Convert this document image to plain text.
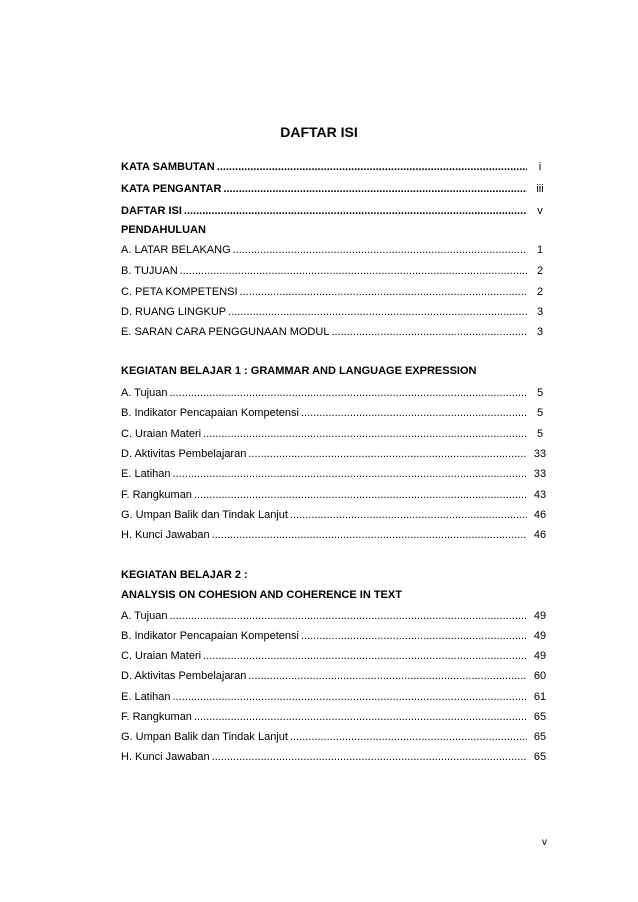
DAFTAR ISI
KATA SAMBUTAN .....	i
KATA PENGANTAR .....	iii
DAFTAR ISI .....	v
PENDAHULUAN
A. LATAR BELAKANG .....	1
B. TUJUAN .....	2
C. PETA KOMPETENSI .....	2
D. RUANG LINGKUP .....	3
E. SARAN CARA PENGGUNAAN MODUL .....	3
KEGIATAN BELAJAR 1 : GRAMMAR AND LANGUAGE EXPRESSION
A. Tujuan .....	5
B. Indikator Pencapaian Kompetensi .....	5
C. Uraian Materi .....	5
D. Aktivitas Pembelajaran .....	33
E. Latihan .....	33
F. Rangkuman .....	43
G. Umpan Balik dan Tindak Lanjut .....	46
H. Kunci Jawaban .....	46
KEGIATAN BELAJAR 2 :
ANALYSIS ON COHESION AND COHERENCE IN TEXT
A. Tujuan .....	49
B. Indikator Pencapaian Kompetensi .....	49
C. Uraian Materi .....	49
D. Aktivitas Pembelajaran .....	60
E. Latihan .....	61
F. Rangkuman .....	65
G. Umpan Balik dan Tindak Lanjut .....	65
H. Kunci Jawaban .....	65
v
